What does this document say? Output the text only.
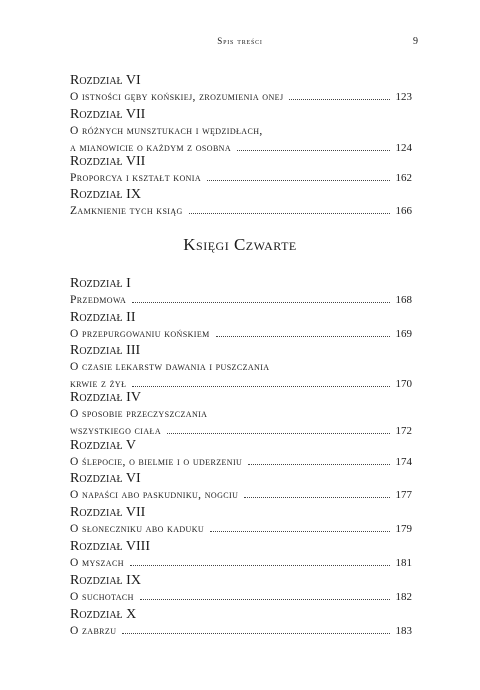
Spis treści	9
Rozdział VI
O istności gęby końskiej, zrozumienia onej	123
Rozdział VII
O różnych munsztukach i wędzidłach,
a mianowicie o każdym z osobna	124
Rozdział VII
Proporcya i kształt konia	162
Rozdział IX
Zamknienie tych ksiąg	166
Księgi Czwarte
Rozdział I
Przedmowa	168
Rozdział II
O przepurgowaniu końskiem	169
Rozdział III
O czasie lekarstw dawania i puszczania
krwie z żył	170
Rozdział IV
O sposobie przeczyszczania
wszystkiego ciała	172
Rozdział V
O ślepocie, o bielmie i o uderzeniu	174
Rozdział VI
O napaści abo paskudniku, nogciu	177
Rozdział VII
O słoneczniku abo kaduku	179
Rozdział VIII
O myszach	181
Rozdział IX
O suchotach	182
Rozdział X
O zabrzu	183
